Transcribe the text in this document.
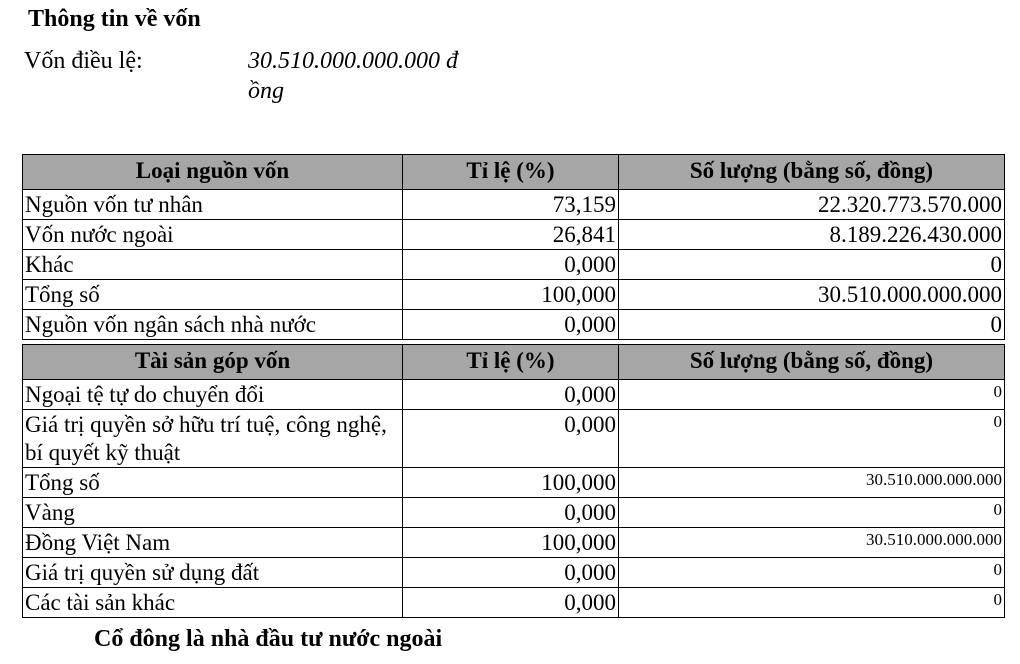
Thông tin về vốn
Vốn điều lệ:	30.510.000.000.000 đồng
Loại nguồn vốn	Tỉ lệ (%)	Số lượng (bằng số, đồng)
Nguồn vốn tư nhân	73,159	22.320.773.570.000
Vốn nước ngoài	26,841	8.189.226.430.000
Khác	0,000	0
Tổng số	100,000	30.510.000.000.000
Nguồn vốn ngân sách nhà nước	0,000	0
Tài sản góp vốn	Tỉ lệ (%)	Số lượng (bằng số, đồng)
Ngoại tệ tự do chuyển đổi	0,000	0
Giá trị quyền sở hữu trí tuệ, công nghệ, bí quyết kỹ thuật	0,000	0
Tổng số	100,000	30.510.000.000.000
Vàng	0,000	0
Đồng Việt Nam	100,000	30.510.000.000.000
Giá trị quyền sử dụng đất	0,000	0
Các tài sản khác	0,000	0
Cổ đông là nhà đầu tư nước ngoài
